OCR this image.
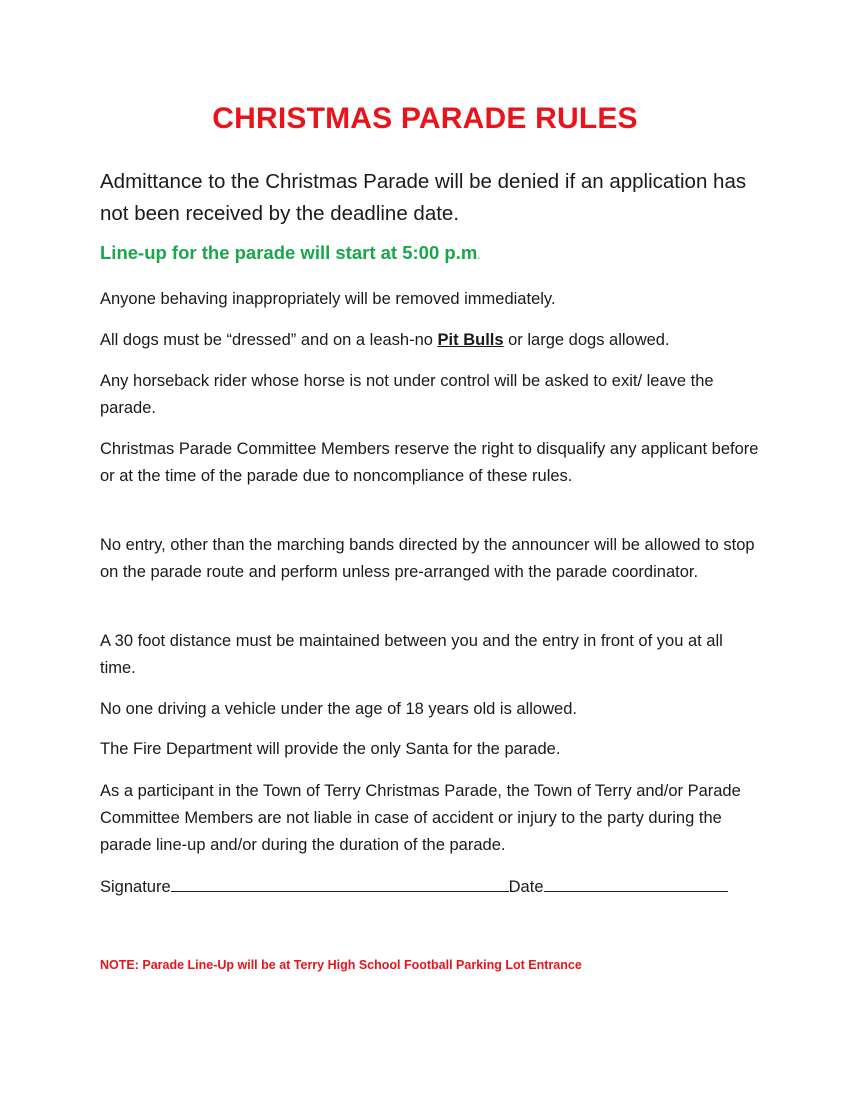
CHRISTMAS PARADE RULES

Admittance to the Christmas Parade will be denied if an application has not been received by the deadline date.

Line-up for the parade will start at 5:00 p.m.

Anyone behaving inappropriately will be removed immediately.

All dogs must be “dressed” and on a leash-no Pit Bulls or large dogs allowed.

Any horseback rider whose horse is not under control will be asked to exit/ leave the parade.

Christmas Parade Committee Members reserve the right to disqualify any applicant before or at the time of the parade due to noncompliance of these rules.

No entry, other than the marching bands directed by the announcer will be allowed to stop on the parade route and perform unless pre-arranged with the parade coordinator.

A 30 foot distance must be maintained between you and the entry in front of you at all time.

No one driving a vehicle under the age of 18 years old is allowed.

The Fire Department will provide the only Santa for the parade.

As a participant in the Town of Terry Christmas Parade, the Town of Terry and/or Parade Committee Members are not liable in case of accident or injury to the party during the parade line-up and/or during the duration of the parade.

Signature	Date

NOTE: Parade Line-Up will be at Terry High School Football Parking Lot Entrance
